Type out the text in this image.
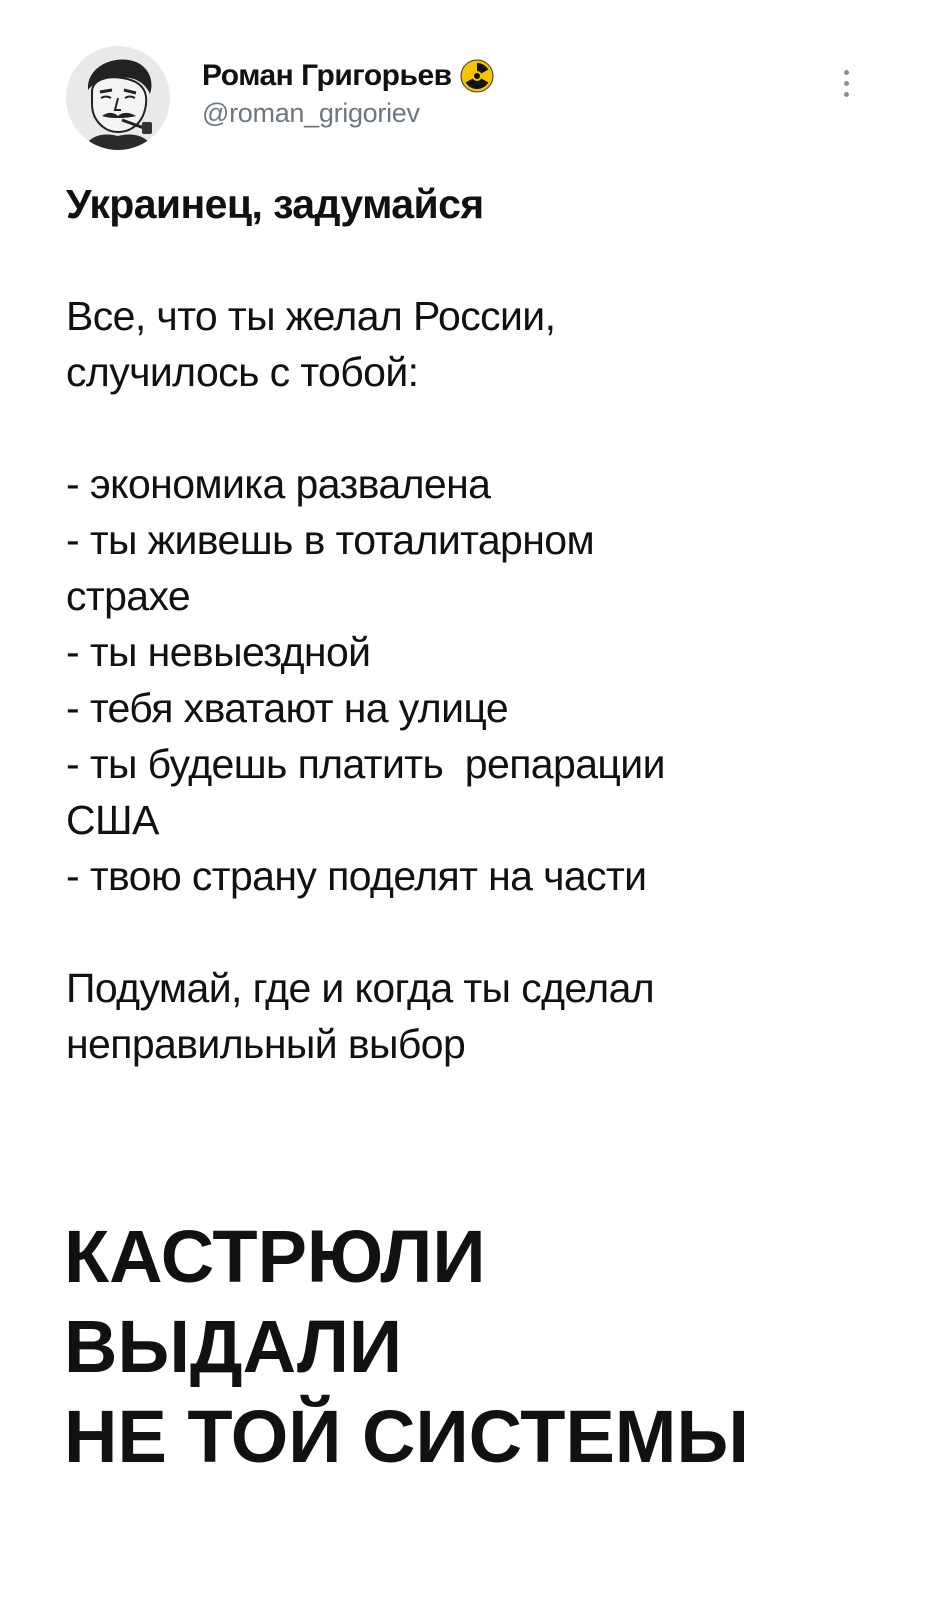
Роман Григорьев
@roman_grigoriev

Украинец, задумайся

Все, что ты желал России,

случилось с тобой:

- экономика развалена

- ты живешь в тоталитарном

страхе

- ты невыездной

- тебя хватают на улице

- ты будешь платить  репарации

США

- твою страну поделят на части

Подумай, где и когда ты сделал

неправильный выбор

КАСТРЮЛИ
ВЫДАЛИ
НЕ ТОЙ СИСТЕМЫ
